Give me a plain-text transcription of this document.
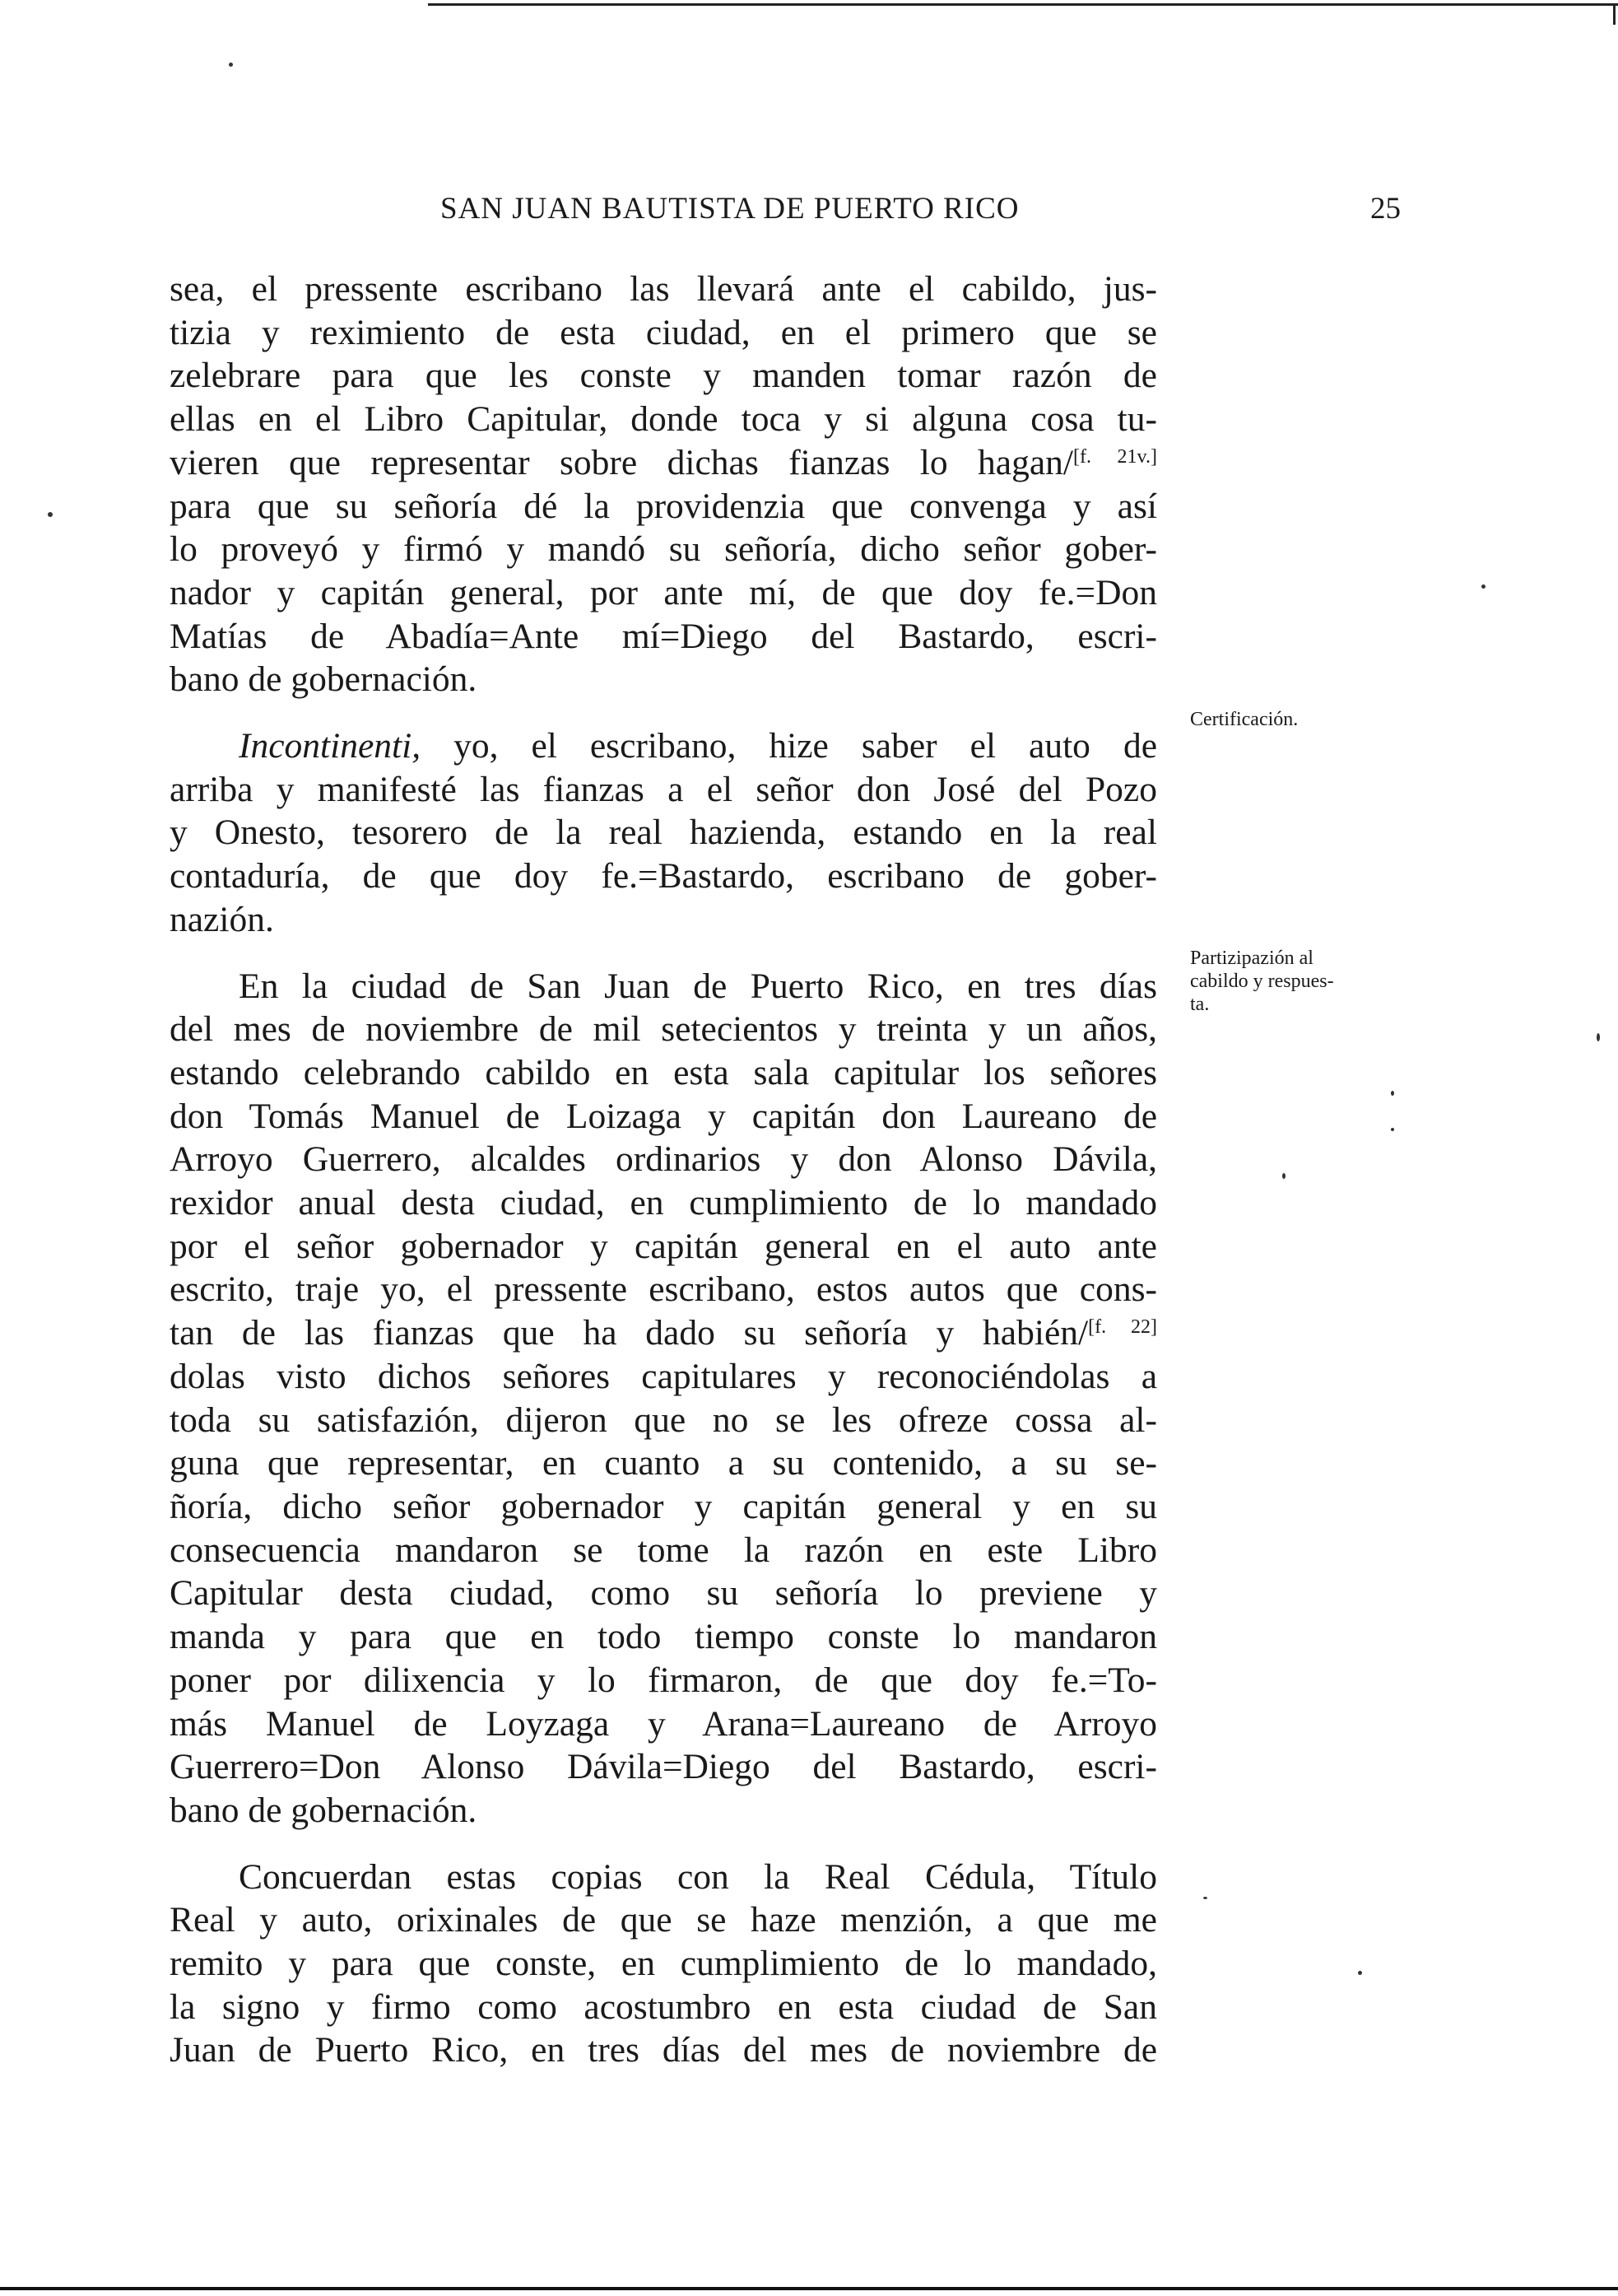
SAN JUAN BAUTISTA DE PUERTO RICO	25

sea, el pressente escribano las llevará ante el cabildo, jus-
tizia y reximiento de esta ciudad, en el primero que se
zelebrare para que les conste y manden tomar razón de
ellas en el Libro Capitular, donde toca y si alguna cosa tu-
vieren que representar sobre dichas fianzas lo hagan/[f. 21v.]
para que su señoría dé la providenzia que convenga y así
lo proveyó y firmó y mandó su señoría, dicho señor gober-
nador y capitán general, por ante mí, de que doy fe.=Don
Matías de Abadía=Ante mí=Diego del Bastardo, escri-
bano de gobernación.

Incontinenti, yo, el escribano, hize saber el auto de
arriba y manifesté las fianzas a el señor don José del Pozo
y Onesto, tesorero de la real hazienda, estando en la real
contaduría, de que doy fe.=Bastardo, escribano de gober-
nazión.

En la ciudad de San Juan de Puerto Rico, en tres días
del mes de noviembre de mil setecientos y treinta y un años,
estando celebrando cabildo en esta sala capitular los señores
don Tomás Manuel de Loizaga y capitán don Laureano de
Arroyo Guerrero, alcaldes ordinarios y don Alonso Dávila,
rexidor anual desta ciudad, en cumplimiento de lo mandado
por el señor gobernador y capitán general en el auto ante
escrito, traje yo, el pressente escribano, estos autos que cons-
tan de las fianzas que ha dado su señoría y habién/[f. 22]
dolas visto dichos señores capitulares y reconociéndolas a
toda su satisfazión, dijeron que no se les ofreze cossa al-
guna que representar, en cuanto a su contenido, a su se-
ñoría, dicho señor gobernador y capitán general y en su
consecuencia mandaron se tome la razón en este Libro
Capitular desta ciudad, como su señoría lo previene y
manda y para que en todo tiempo conste lo mandaron
poner por dilixencia y lo firmaron, de que doy fe.=To-
más Manuel de Loyzaga y Arana=Laureano de Arroyo
Guerrero=Don Alonso Dávila=Diego del Bastardo, escri-
bano de gobernación.

Concuerdan estas copias con la Real Cédula, Título
Real y auto, orixinales de que se haze menzión, a que me
remito y para que conste, en cumplimiento de lo mandado,
la signo y firmo como acostumbro en esta ciudad de San
Juan de Puerto Rico, en tres días del mes de noviembre de

Certificación.
Partizipazión al
cabildo y respues-
ta.
